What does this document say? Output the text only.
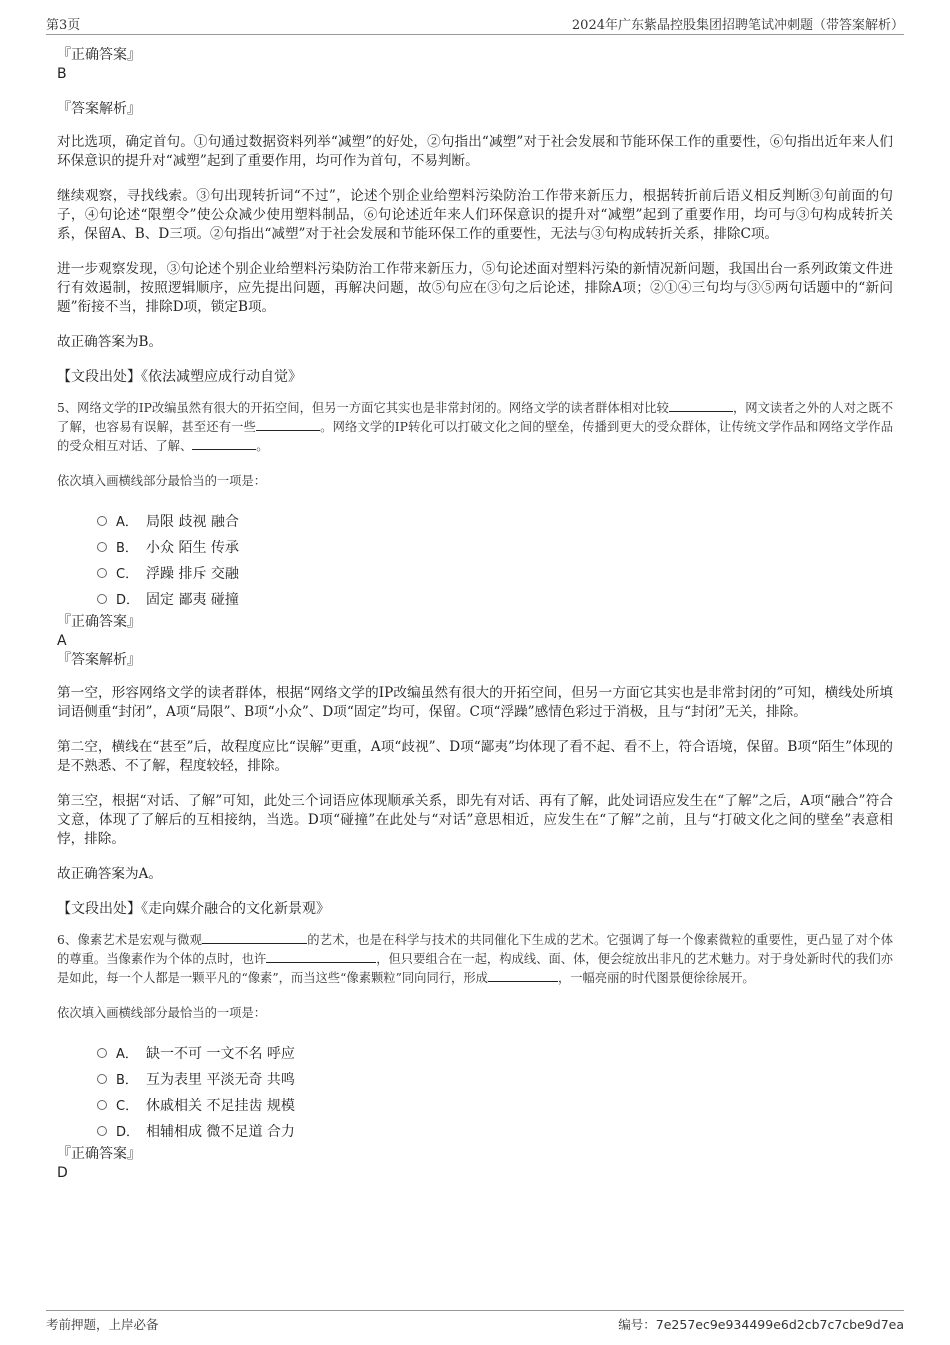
第3页	2024年广东紫晶控股集团招聘笔试冲刺题（带答案解析）
『正确答案』
B
『答案解析』

对比选项，确定首句。①句通过数据资料列举“减塑”的好处，②句指出“减塑”对于社会发展和节能环保工作的重要性，⑥句指出近年来人们环保意识的提升对“减塑”起到了重要作用，均可作为首句，不易判断。

继续观察，寻找线索。③句出现转折词“不过”，论述个别企业给塑料污染防治工作带来新压力，根据转折前后语义相反判断③句前面的句子，④句论述“限塑令”使公众减少使用塑料制品，⑥句论述近年来人们环保意识的提升对“减塑”起到了重要作用，均可与③句构成转折关系，保留A、B、D三项。②句指出“减塑”对于社会发展和节能环保工作的重要性，无法与③句构成转折关系，排除C项。

进一步观察发现，③句论述个别企业给塑料污染防治工作带来新压力，⑤句论述面对塑料污染的新情况新问题，我国出台一系列政策文件进行有效遏制，按照逻辑顺序，应先提出问题，再解决问题，故⑤句应在③句之后论述，排除A项；②①④三句均与③⑤两句话题中的“新问题”衔接不当，排除D项，锁定B项。

故正确答案为B。

【文段出处】《依法减塑应成行动自觉》

5、网络文学的IP改编虽然有很大的开拓空间，但另一方面它其实也是非常封闭的。网络文学的读者群体相对比较	，网文读者之外的人对之既不了解，也容易有误解，甚至还有一些	。网络文学的IP转化可以打破文化之间的壁垒，传播到更大的受众群体，让传统文学作品和网络文学作品的受众相互对话、了解、	。

依次填入画横线部分最恰当的一项是：

A． 局限 歧视 融合
B． 小众 陌生 传承
C． 浮躁 排斥 交融
D． 固定 鄙夷 碰撞
『正确答案』
A
『答案解析』

第一空，形容网络文学的读者群体，根据“网络文学的IP改编虽然有很大的开拓空间，但另一方面它其实也是非常封闭的”可知，横线处所填词语侧重“封闭”，A项“局限”、B项“小众”、D项“固定”均可，保留。C项“浮躁”感情色彩过于消极，且与“封闭”无关，排除。

第二空，横线在“甚至”后，故程度应比“误解”更重，A项“歧视”、D项“鄙夷”均体现了看不起、看不上，符合语境，保留。B项“陌生”体现的是不熟悉、不了解，程度较轻，排除。

第三空，根据“对话、了解”可知，此处三个词语应体现顺承关系，即先有对话、再有了解，此处词语应发生在“了解”之后，A项“融合”符合文意，体现了了解后的互相接纳，当选。D项“碰撞”在此处与“对话”意思相近，应发生在“了解”之前，且与“打破文化之间的壁垒”表意相悖，排除。

故正确答案为A。

【文段出处】《走向媒介融合的文化新景观》

6、像素艺术是宏观与微观	的艺术，也是在科学与技术的共同催化下生成的艺术。它强调了每一个像素微粒的重要性，更凸显了对个体的尊重。当像素作为个体的点时，也许	，但只要组合在一起，构成线、面、体，便会绽放出非凡的艺术魅力。对于身处新时代的我们亦是如此，每一个人都是一颗平凡的“像素”，而当这些“像素颗粒”同向同行，形成	，一幅亮丽的时代图景便徐徐展开。

依次填入画横线部分最恰当的一项是：

A． 缺一不可 一文不名 呼应
B． 互为表里 平淡无奇 共鸣
C． 休戚相关 不足挂齿 规模
D． 相辅相成 微不足道 合力
『正确答案』
D
考前押题，上岸必备	编号：7e257ec9e934499e6d2cb7c7cbe9d7ea
